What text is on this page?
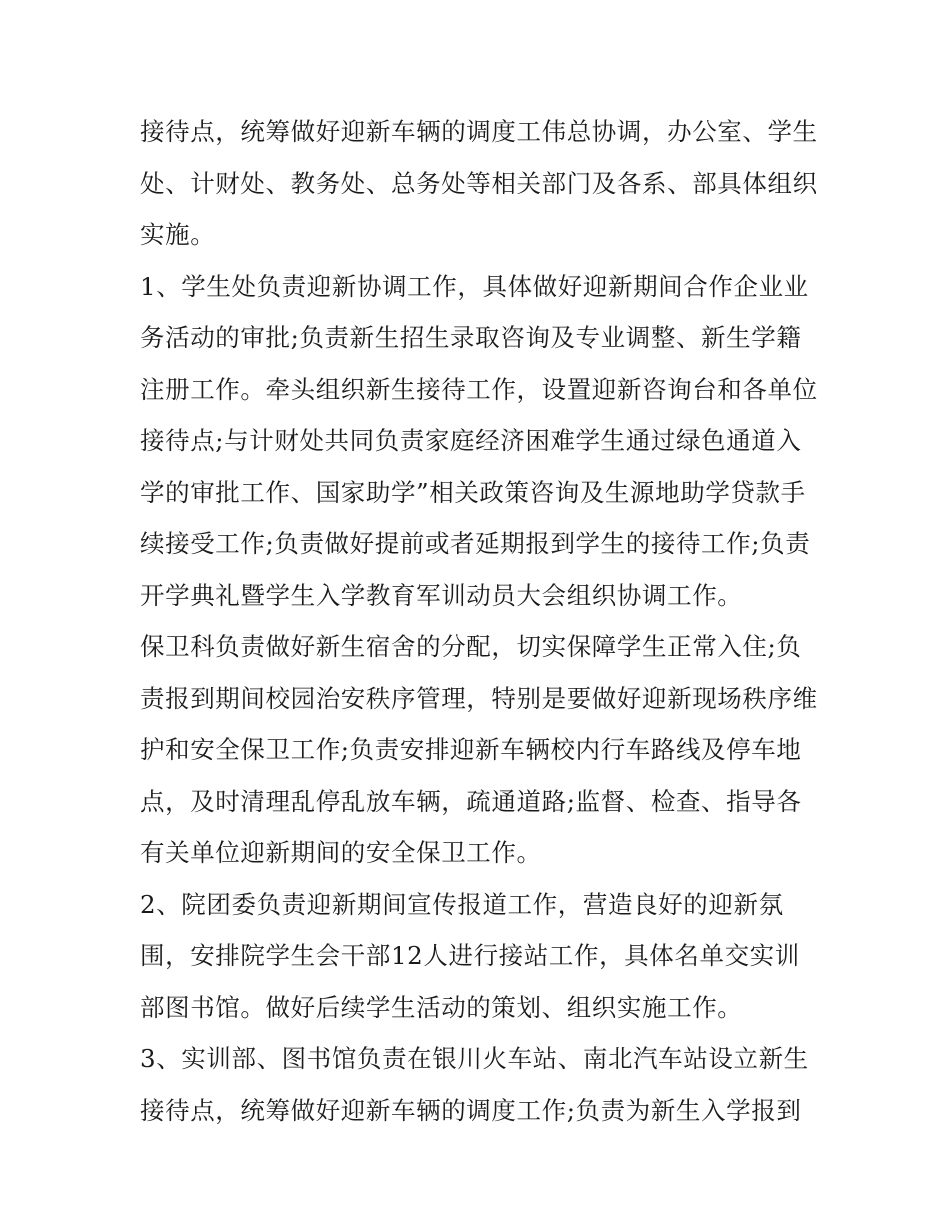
接待点，统筹做好迎新车辆的调度工伟总协调，办公室、学生
处、计财处、教务处、总务处等相关部门及各系、部具体组织
实施。
1、学生处负责迎新协调工作，具体做好迎新期间合作企业业
务活动的审批;负责新生招生录取咨询及专业调整、新生学籍
注册工作。牵头组织新生接待工作，设置迎新咨询台和各单位
接待点;与计财处共同负责家庭经济困难学生通过绿色通道入
学的审批工作、国家助学”相关政策咨询及生源地助学贷款手
续接受工作;负责做好提前或者延期报到学生的接待工作;负责
开学典礼暨学生入学教育军训动员大会组织协调工作。
保卫科负责做好新生宿舍的分配，切实保障学生正常入住;负
责报到期间校园治安秩序管理，特别是要做好迎新现场秩序维
护和安全保卫工作;负责安排迎新车辆校内行车路线及停车地
点，及时清理乱停乱放车辆，疏通道路;监督、检查、指导各
有关单位迎新期间的安全保卫工作。
2、院团委负责迎新期间宣传报道工作，营造良好的迎新氛
围，安排院学生会干部12人进行接站工作，具体名单交实训
部图书馆。做好后续学生活动的策划、组织实施工作。
3、实训部、图书馆负责在银川火车站、南北汽车站设立新生
接待点，统筹做好迎新车辆的调度工作;负责为新生入学报到
